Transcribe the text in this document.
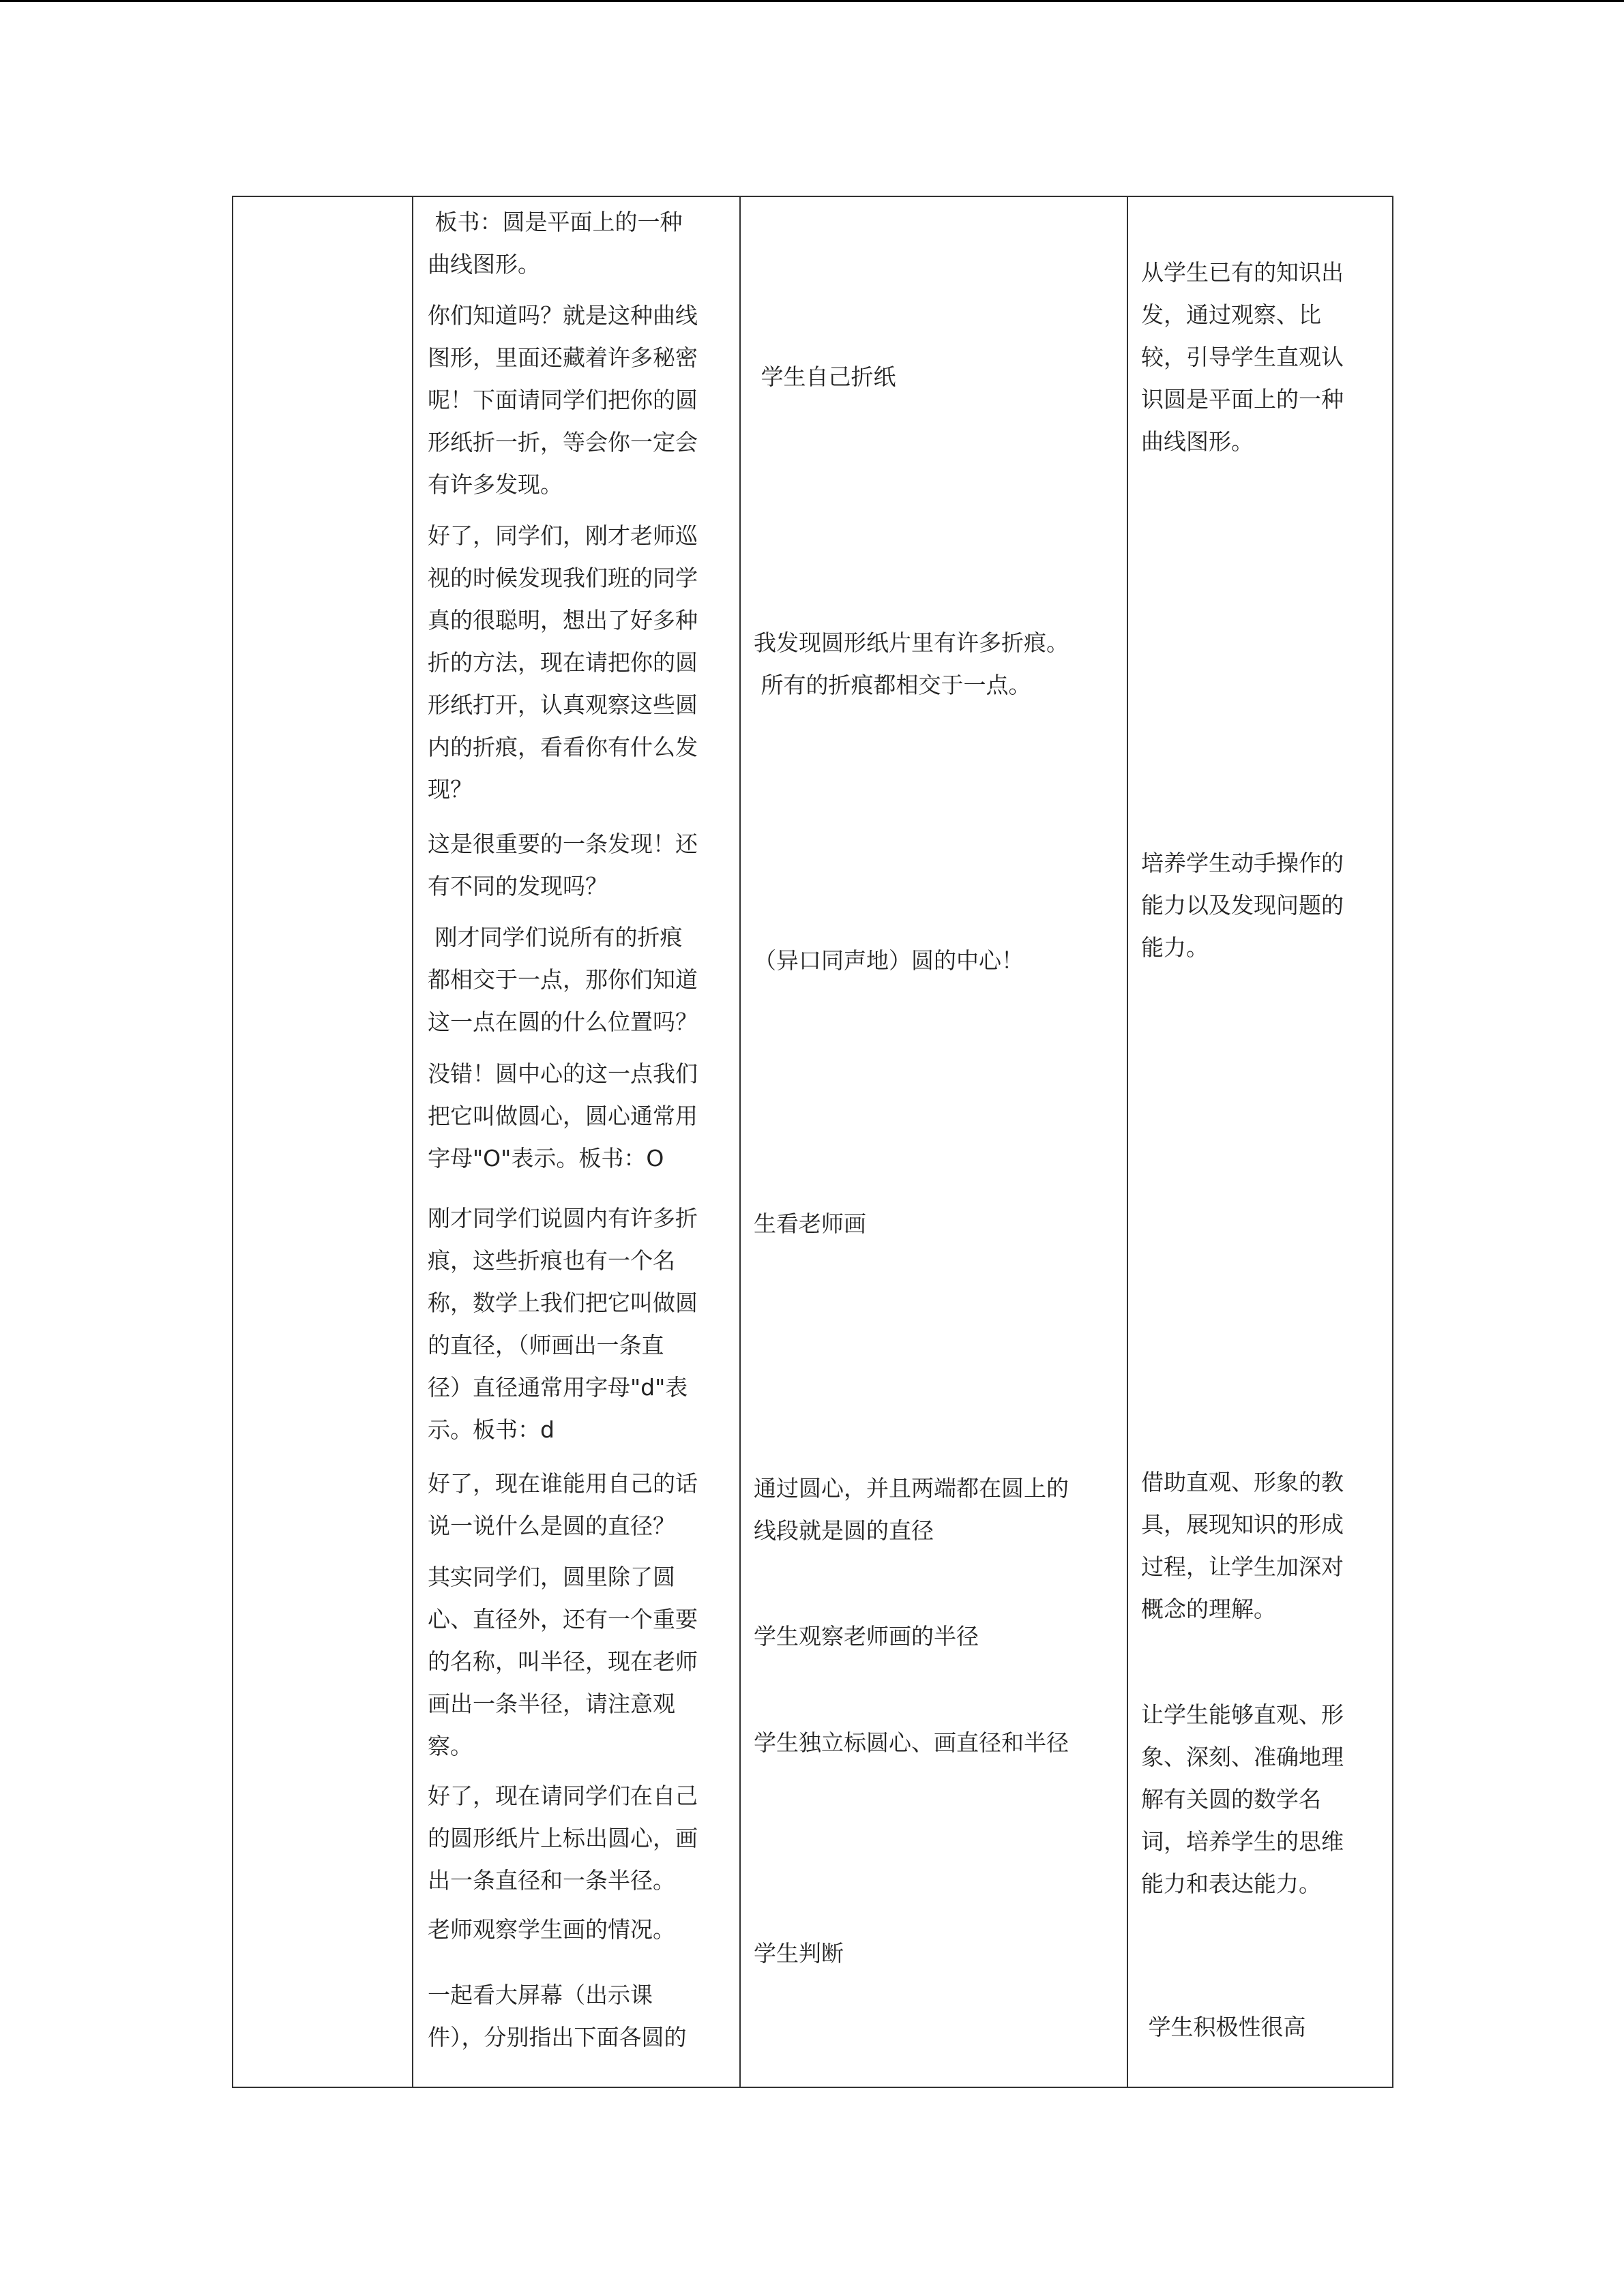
板书：圆是平面上的一种
曲线图形。

你们知道吗？就是这种曲线
图形，里面还藏着许多秘密
呢！下面请同学们把你的圆
形纸折一折，等会你一定会
有许多发现。

好了，同学们，刚才老师巡
视的时候发现我们班的同学
真的很聪明，想出了好多种
折的方法，现在请把你的圆
形纸打开，认真观察这些圆
内的折痕，看看你有什么发
现？

这是很重要的一条发现！还
有不同的发现吗？

刚才同学们说所有的折痕
都相交于一点，那你们知道
这一点在圆的什么位置吗？

没错！圆中心的这一点我们
把它叫做圆心，圆心通常用
字母"O"表示。板书：O

刚才同学们说圆内有许多折
痕，这些折痕也有一个名
称，数学上我们把它叫做圆
的直径，（师画出一条直
径）直径通常用字母"d"表
示。板书：d

好了，现在谁能用自己的话
说一说什么是圆的直径？

其实同学们，圆里除了圆
心、直径外，还有一个重要
的名称，叫半径，现在老师
画出一条半径，请注意观
察。

好了，现在请同学们在自己
的圆形纸片上标出圆心，画
出一条直径和一条半径。

老师观察学生画的情况。

一起看大屏幕（出示课
件），分别指出下面各圆的

学生自己折纸

我发现圆形纸片里有许多折痕。
所有的折痕都相交于一点。

（异口同声地）圆的中心！

生看老师画

通过圆心，并且两端都在圆上的
线段就是圆的直径

学生观察老师画的半径

学生独立标圆心、画直径和半径

学生判断

从学生已有的知识出
发，通过观察、比
较，引导学生直观认
识圆是平面上的一种
曲线图形。

培养学生动手操作的
能力以及发现问题的
能力。

借助直观、形象的教
具，展现知识的形成
过程，让学生加深对
概念的理解。

让学生能够直观、形
象、深刻、准确地理
解有关圆的数学名
词，培养学生的思维
能力和表达能力。

学生积极性很高
